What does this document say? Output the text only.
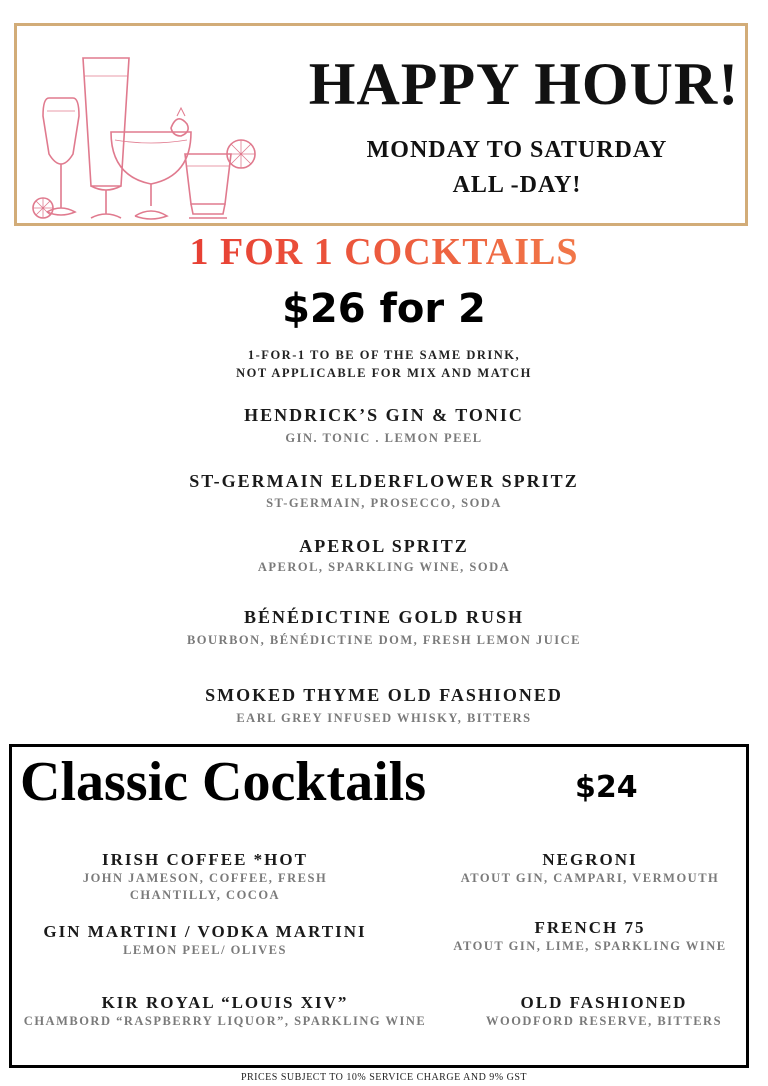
HAPPY HOUR!
MONDAY TO SATURDAY
ALL -DAY!
1 FOR 1 COCKTAILS
$26 for 2
1-FOR-1 TO BE OF THE SAME DRINK,
NOT APPLICABLE FOR MIX AND MATCH
HENDRICK’S GIN & TONIC
GIN. TONIC . LEMON PEEL
ST-GERMAIN ELDERFLOWER SPRITZ
ST-GERMAIN, PROSECCO, SODA
APEROL SPRITZ
APEROL, SPARKLING WINE, SODA
BÉNÉDICTINE GOLD RUSH
BOURBON, BÉNÉDICTINE DOM, FRESH LEMON JUICE
SMOKED THYME OLD FASHIONED
EARL GREY INFUSED WHISKY, BITTERS
Classic Cocktails	$24
IRISH COFFEE *HOT
JOHN JAMESON, COFFEE, FRESH
CHANTILLY, COCOA
GIN MARTINI / VODKA MARTINI
LEMON PEEL/ OLIVES
KIR ROYAL “LOUIS XIV”
CHAMBORD “RASPBERRY LIQUOR”, SPARKLING WINE
NEGRONI
ATOUT GIN, CAMPARI, VERMOUTH
FRENCH 75
ATOUT GIN, LIME, SPARKLING WINE
OLD FASHIONED
WOODFORD RESERVE, BITTERS
PRICES SUBJECT TO 10% SERVICE CHARGE AND 9% GST
